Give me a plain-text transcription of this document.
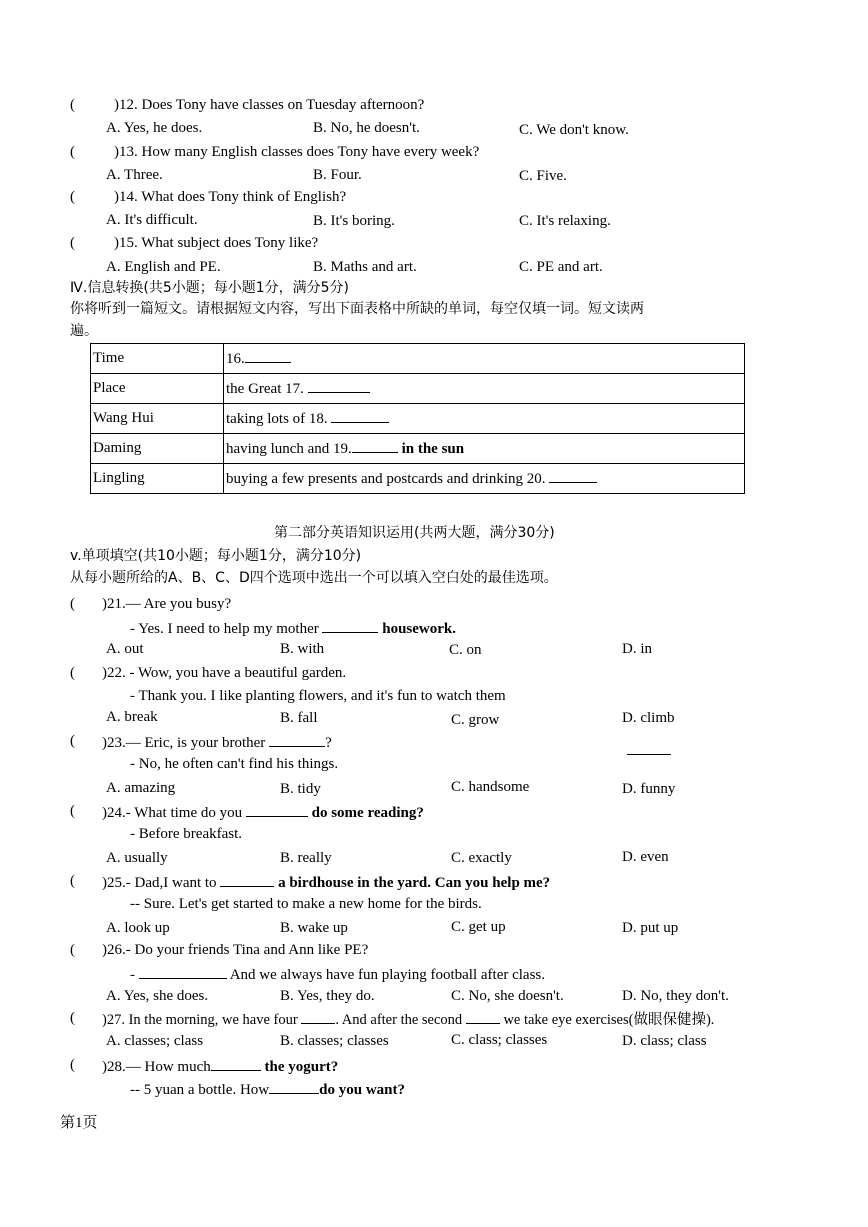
(	)12. Does Tony have classes on Tuesday afternoon?
A. Yes, he does.	B. No, he doesn't.	C. We don't know.
(	)13. How many English classes does Tony have every week?
A. Three.	B. Four.	C. Five.
(	)14. What does Tony think of English?
A. It's difficult.	B. It's boring.	C. It's relaxing.
(	)15. What subject does Tony like?
A. English and PE.	B. Maths and art.	C. PE and art.
Ⅳ.信息转换(共5小题；每小题1分，满分5分)
你将听到一篇短文。请根据短文内容，写出下面表格中所缺的单词，每空仅填一词。短文读两
遍。
Time	16.
Place	the Great 17.
Wang Hui	taking lots of 18.
Daming	having lunch and 19. in the sun
Lingling	buying a few presents and postcards and drinking 20.
第二部分英语知识运用(共两大题，满分30分)
v.单项填空(共10小题；每小题1分，满分10分)
从每小题所给的A、B、C、D四个选项中选出一个可以填入空白处的最佳选项。
( )21.— Are you busy?
- Yes. I need to help my mother	housework.
A. out	B. with	C. on	D. in
( )22. - Wow, you have a beautiful garden.
- Thank you. I like planting flowers, and it's fun to watch them
A. break	B. fall	C. grow	D. climb
( )23.— Eric, is your brother	?
- No, he often can't find his things.
A. amazing	B. tidy	C. handsome	D. funny
( )24.- What time do you	do some reading?
- Before breakfast.
A. usually	B. really	C. exactly	D. even
( )25.- Dad,I want to	a birdhouse in the yard. Can you help me?
-- Sure. Let's get started to make a new home for the birds.
A. look up	B. wake up	C. get up	D. put up
( )26.- Do your friends Tina and Ann like PE?
-	And we always have fun playing football after class.
A. Yes, she does.	B. Yes, they do.	C. No, she doesn't.	D. No, they don't.
( )27. In the morning, we have four	. And after the second	we take eye exercises(做眼保健操).
A. classes; class	B. classes; classes	C. class; classes	D. class; class
( )28.— How much	the yogurt?
-- 5 yuan a bottle. How	do you want?
第1页
